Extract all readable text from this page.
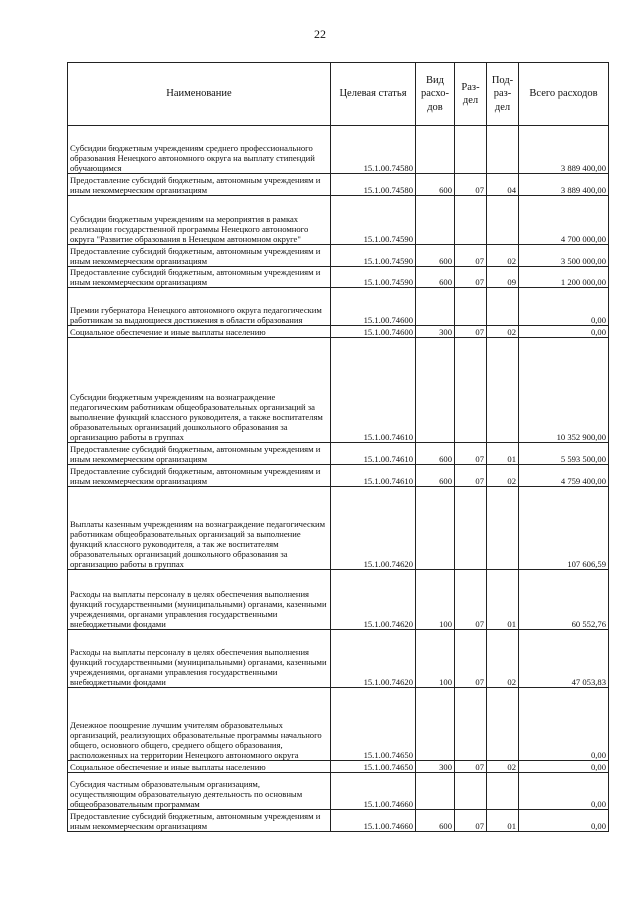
22
Наименование	Целевая статья	Вид расхо-дов	Раз-дел	Под-раз-дел	Всего расходов
Субсидии бюджетным учреждениям среднего профессионального образования Ненецкого автономного округа на выплату стипендий обучающимся	15.1.00.74580				3 889 400,00
Предоставление субсидий бюджетным, автономным учреждениям и иным некоммерческим организациям	15.1.00.74580	600	07	04	3 889 400,00
Субсидии бюджетным учреждениям на мероприятия в рамках реализации государственной программы Ненецкого автономного округа "Развитие образования в Ненецком автономном округе"	15.1.00.74590				4 700 000,00
Предоставление субсидий бюджетным, автономным учреждениям и иным некоммерческим организациям	15.1.00.74590	600	07	02	3 500 000,00
Предоставление субсидий бюджетным, автономным учреждениям и иным некоммерческим организациям	15.1.00.74590	600	07	09	1 200 000,00
Премии губернатора Ненецкого автономного округа педагогическим работникам за выдающиеся достижения в области образования	15.1.00.74600				0,00
Социальное обеспечение и иные выплаты населению	15.1.00.74600	300	07	02	0,00
Субсидии бюджетным учреждениям на вознаграждение педагогическим работникам общеобразовательных организаций за выполнение функций классного руководителя, а также воспитателям образовательных организаций дошкольного образования за организацию работы в группах	15.1.00.74610				10 352 900,00
Предоставление субсидий бюджетным, автономным учреждениям и иным некоммерческим организациям	15.1.00.74610	600	07	01	5 593 500,00
Предоставление субсидий бюджетным, автономным учреждениям и иным некоммерческим организациям	15.1.00.74610	600	07	02	4 759 400,00
Выплаты казенным учреждениям на вознаграждение педагогическим работникам общеобразовательных организаций за выполнение функций классного руководителя, а так же воспитателям образовательных организаций дошкольного образования за организацию работы в группах	15.1.00.74620				107 606,59
Расходы на выплаты персоналу в целях обеспечения выполнения функций государственными (муниципальными) органами, казенными учреждениями, органами управления государственными внебюджетными фондами	15.1.00.74620	100	07	01	60 552,76
Расходы на выплаты персоналу в целях обеспечения выполнения функций государственными (муниципальными) органами, казенными учреждениями, органами управления государственными внебюджетными фондами	15.1.00.74620	100	07	02	47 053,83
Денежное поощрение лучшим учителям образовательных организаций, реализующих образовательные программы начального общего, основного общего, среднего общего образования, расположенных на территории Ненецкого автономного округа	15.1.00.74650				0,00
Социальное обеспечение и иные выплаты населению	15.1.00.74650	300	07	02	0,00
Субсидия частным образовательным организациям, осуществляющим образовательную деятельность по основным общеобразовательным программам	15.1.00.74660				0,00
Предоставление субсидий бюджетным, автономным учреждениям и иным некоммерческим организациям	15.1.00.74660	600	07	01	0,00
